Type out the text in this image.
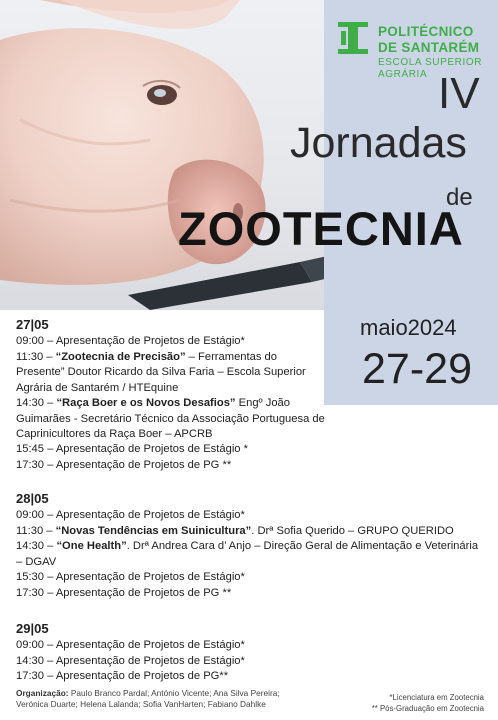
POLITÉCNICO
DE SANTARÉM
ESCOLA SUPERIOR
AGRÁRIA IV
Jornadas
de
ZOOTECNIA
maio2024
27-29
27|05
09:00 – Apresentação de Projetos de Estágio*
11:30 – “Zootecnia de Precisão” – Ferramentas do Presente” Doutor Ricardo da Silva Faria – Escola Superior Agrária de Santarém / HTEquine
14:30 – “Raça Boer e os Novos Desafios” Engº João Guimarães - Secretário Técnico da Associação Portuguesa de Caprinicultores da Raça Boer – APCRB
15:45 – Apresentação de Projetos de Estágio *
17:30 – Apresentação de Projetos de PG **
28|05
09:00 – Apresentação de Projetos de Estágio*
11:30 – “Novas Tendências em Suinicultura”. Drª Sofia Querido – GRUPO QUERIDO
14:30 – “One Health”. Drª Andrea Cara d’ Anjo – Direção Geral de Alimentação e Veterinária – DGAV
15:30 – Apresentação de Projetos de Estágio*
17:30 – Apresentação de Projetos de PG **
29|05
09:00 – Apresentação de Projetos de Estágio*
14:30 – Apresentação de Projetos de Estágio*
17:30 – Apresentação de Projetos de PG**
Organização: Paulo Branco Pardal; António Vicente; Ana Silva Pereira;
Verónica Duarte; Helena Lalanda; Sofia VanHarten; Fabiano Dahlke
*Licenciatura em Zootecnia
** Pós-Graduação em Zootecnia
